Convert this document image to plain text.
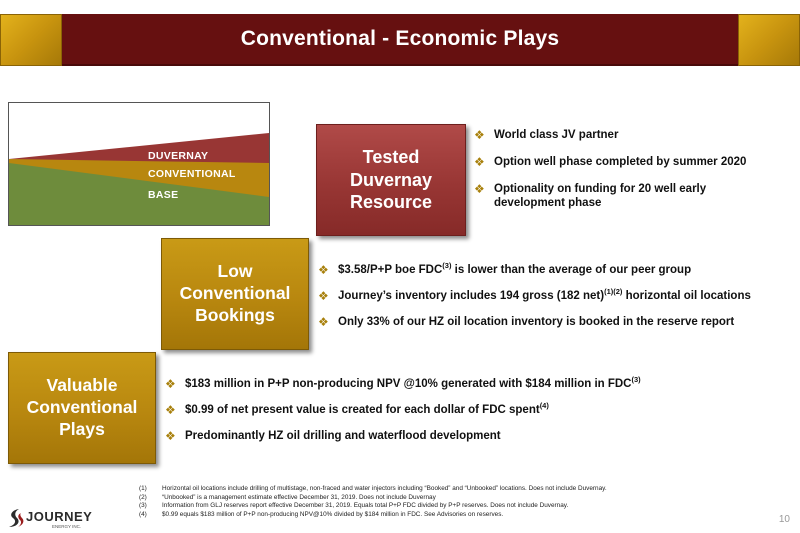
Conventional - Economic Plays
DUVERNAY
CONVENTIONAL
BASE
Tested Duvernay Resource
❖ World class JV partner
❖ Option well phase completed by summer 2020
❖ Optionality on funding for 20 well early development phase
Low Conventional Bookings
❖ $3.58/P+P boe FDC$^{(3)}$ is lower than the average of our peer group
❖ Journey’s inventory includes 194 gross (182 net)$^{(1)(2)}$ horizontal oil locations
❖ Only 33% of our HZ oil location inventory is booked in the reserve report
Valuable Conventional Plays
❖ $183 million in P+P non-producing NPV @10% generated with $184 million in FDC$^{(3)}$
❖ $0.99 of net present value is created for each dollar of FDC spent$^{(4)}$
❖ Predominantly HZ oil drilling and waterflood development
(1)	Horizontal oil locations include drilling of multistage, non-fraced and water injectors including “Booked” and “Unbooked” locations. Does not include Duvernay.
(2)	“Unbooked” is a management estimate effective December 31, 2019. Does not include Duvernay
(3)	Information from GLJ reserves report effective December 31, 2019. Equals total P+P FDC divided by P+P reserves. Does not include Duvernay.
(4)	$0.99 equals $183 million of P+P non-producing NPV@10% divided by $184 million in FDC. See Advisories on reserves.
JOURNEY
ENERGY INC.
10
